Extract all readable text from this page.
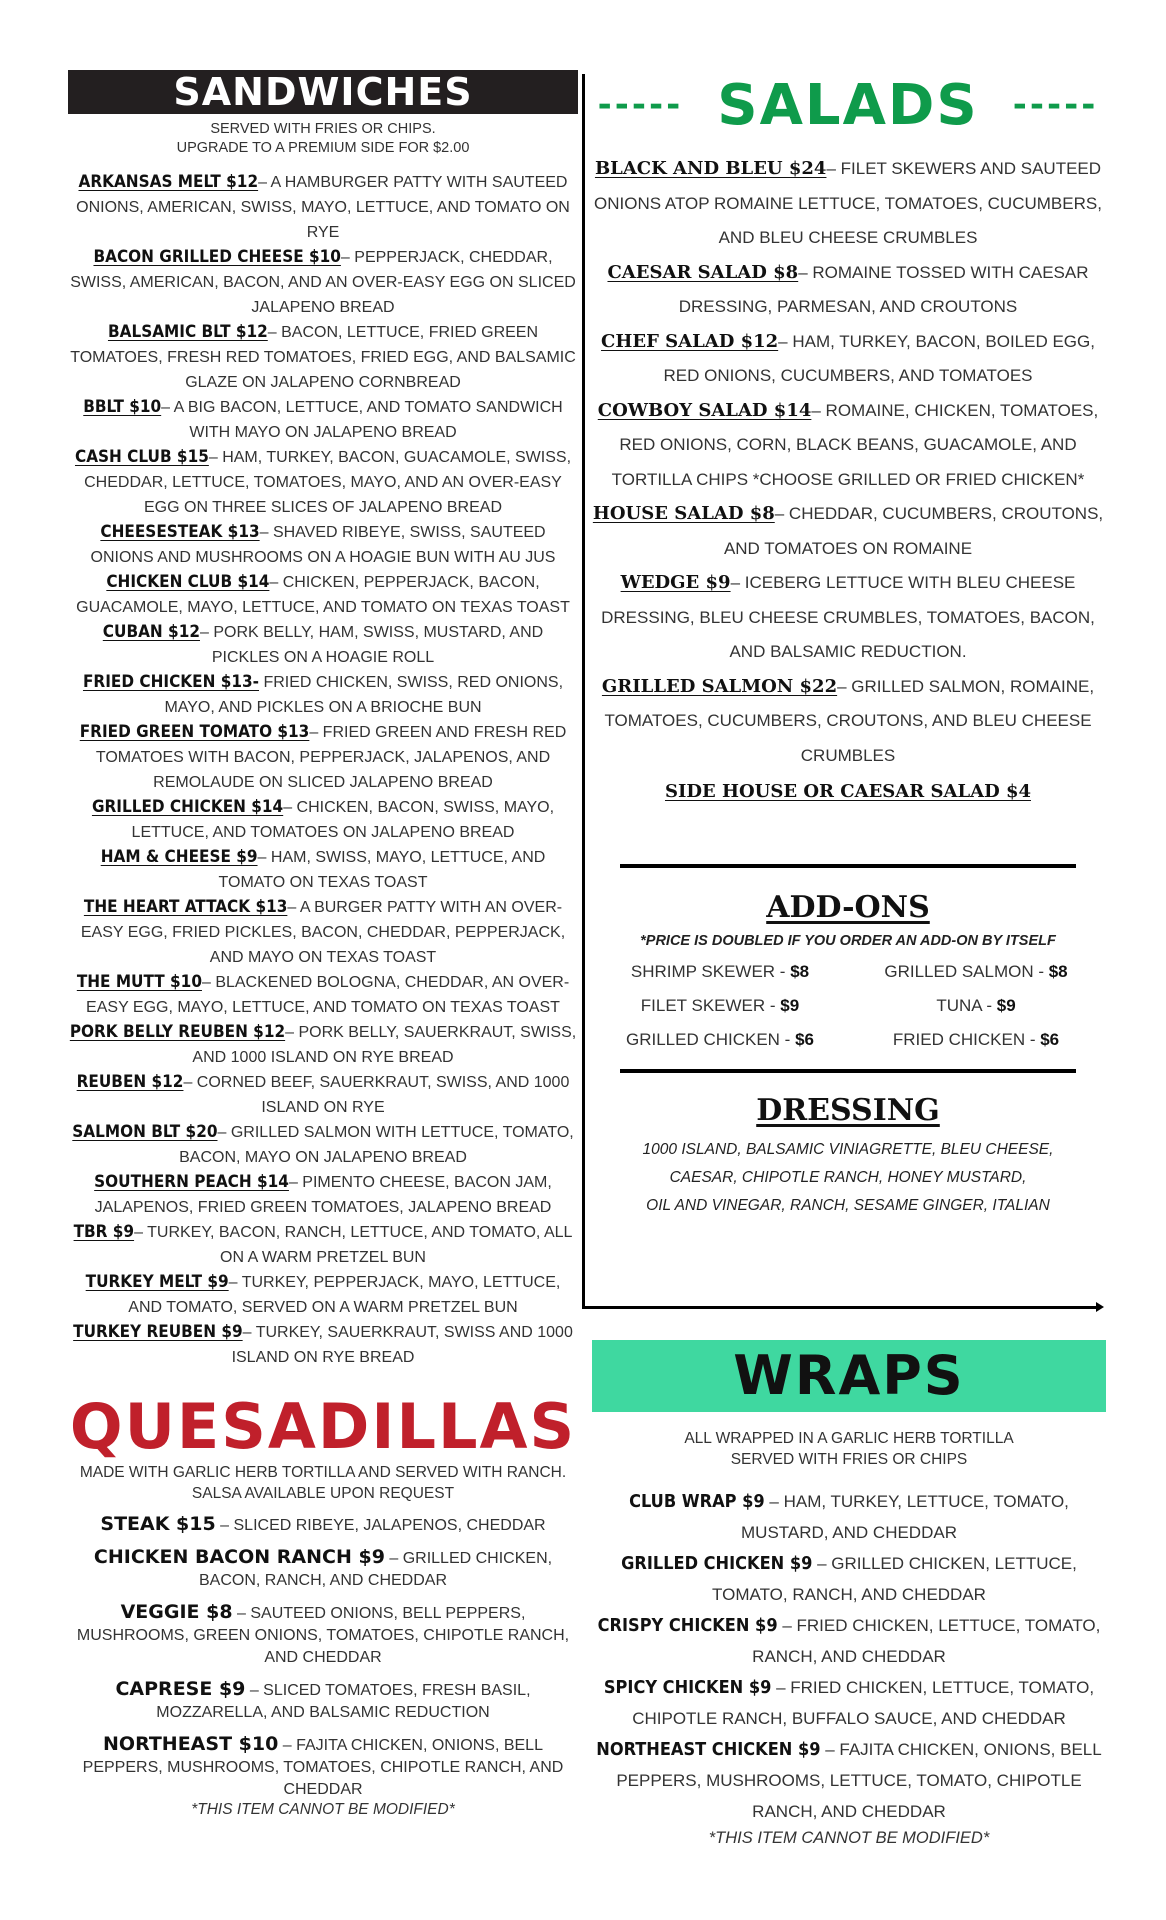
SANDWICHES
SERVED WITH FRIES OR CHIPS.
UPGRADE TO A PREMIUM SIDE FOR $2.00
ARKANSAS MELT $12– A HAMBURGER PATTY WITH SAUTEED ONIONS, AMERICAN, SWISS, MAYO, LETTUCE, AND TOMATO ON RYE
BACON GRILLED CHEESE $10– PEPPERJACK, CHEDDAR, SWISS, AMERICAN, BACON, AND AN OVER-EASY EGG ON SLICED JALAPENO BREAD
BALSAMIC BLT $12– BACON, LETTUCE, FRIED GREEN TOMATOES, FRESH RED TOMATOES, FRIED EGG, AND BALSAMIC GLAZE ON JALAPENO CORNBREAD
BBLT $10– A BIG BACON, LETTUCE, AND TOMATO SANDWICH WITH MAYO ON JALAPENO BREAD
CASH CLUB $15– HAM, TURKEY, BACON, GUACAMOLE, SWISS, CHEDDAR, LETTUCE, TOMATOES, MAYO, AND AN OVER-EASY EGG ON THREE SLICES OF JALAPENO BREAD
CHEESESTEAK $13– SHAVED RIBEYE, SWISS, SAUTEED ONIONS AND MUSHROOMS ON A HOAGIE BUN WITH AU JUS
CHICKEN CLUB $14– CHICKEN, PEPPERJACK, BACON, GUACAMOLE, MAYO, LETTUCE, AND TOMATO ON TEXAS TOAST
CUBAN $12– PORK BELLY, HAM, SWISS, MUSTARD, AND PICKLES ON A HOAGIE ROLL
FRIED CHICKEN $13- FRIED CHICKEN, SWISS, RED ONIONS, MAYO, AND PICKLES ON A BRIOCHE BUN
FRIED GREEN TOMATO $13– FRIED GREEN AND FRESH RED TOMATOES WITH BACON, PEPPERJACK, JALAPENOS, AND REMOLAUDE ON SLICED JALAPENO BREAD
GRILLED CHICKEN $14– CHICKEN, BACON, SWISS, MAYO, LETTUCE, AND TOMATOES ON JALAPENO BREAD
HAM & CHEESE $9– HAM, SWISS, MAYO, LETTUCE, AND TOMATO ON TEXAS TOAST
THE HEART ATTACK $13– A BURGER PATTY WITH AN OVER-EASY EGG, FRIED PICKLES, BACON, CHEDDAR, PEPPERJACK, AND MAYO ON TEXAS TOAST
THE MUTT $10– BLACKENED BOLOGNA, CHEDDAR, AN OVER-EASY EGG, MAYO, LETTUCE, AND TOMATO ON TEXAS TOAST
PORK BELLY REUBEN $12– PORK BELLY, SAUERKRAUT, SWISS, AND 1000 ISLAND ON RYE BREAD
REUBEN $12– CORNED BEEF, SAUERKRAUT, SWISS, AND 1000 ISLAND ON RYE
SALMON BLT $20– GRILLED SALMON WITH LETTUCE, TOMATO, BACON, MAYO ON JALAPENO BREAD
SOUTHERN PEACH $14– PIMENTO CHEESE, BACON JAM, JALAPENOS, FRIED GREEN TOMATOES, JALAPENO BREAD
TBR $9– TURKEY, BACON, RANCH, LETTUCE, AND TOMATO, ALL ON A WARM PRETZEL BUN
TURKEY MELT $9– TURKEY, PEPPERJACK, MAYO, LETTUCE, AND TOMATO, SERVED ON A WARM PRETZEL BUN
TURKEY REUBEN $9– TURKEY, SAUERKRAUT, SWISS AND 1000 ISLAND ON RYE BREAD
QUESADILLAS
MADE WITH GARLIC HERB TORTILLA AND SERVED WITH RANCH.
SALSA AVAILABLE UPON REQUEST
STEAK $15 – SLICED RIBEYE, JALAPENOS, CHEDDAR
CHICKEN BACON RANCH $9 – GRILLED CHICKEN, BACON, RANCH, AND CHEDDAR
VEGGIE $8 – SAUTEED ONIONS, BELL PEPPERS, MUSHROOMS, GREEN ONIONS, TOMATOES, CHIPOTLE RANCH, AND CHEDDAR
CAPRESE $9 – SLICED TOMATOES, FRESH BASIL, MOZZARELLA, AND BALSAMIC REDUCTION
NORTHEAST $10 – FAJITA CHICKEN, ONIONS, BELL PEPPERS, MUSHROOMS, TOMATOES, CHIPOTLE RANCH, AND CHEDDAR
*THIS ITEM CANNOT BE MODIFIED*
----- SALADS -----
BLACK AND BLEU $24– FILET SKEWERS AND SAUTEED ONIONS ATOP ROMAINE LETTUCE, TOMATOES, CUCUMBERS, AND BLEU CHEESE CRUMBLES
CAESAR SALAD $8– ROMAINE TOSSED WITH CAESAR DRESSING, PARMESAN, AND CROUTONS
CHEF SALAD $12– HAM, TURKEY, BACON, BOILED EGG, RED ONIONS, CUCUMBERS, AND TOMATOES
COWBOY SALAD $14– ROMAINE, CHICKEN, TOMATOES, RED ONIONS, CORN, BLACK BEANS, GUACAMOLE, AND TORTILLA CHIPS *CHOOSE GRILLED OR FRIED CHICKEN*
HOUSE SALAD $8– CHEDDAR, CUCUMBERS, CROUTONS, AND TOMATOES ON ROMAINE
WEDGE $9– ICEBERG LETTUCE WITH BLEU CHEESE DRESSING, BLEU CHEESE CRUMBLES, TOMATOES, BACON, AND BALSAMIC REDUCTION.
GRILLED SALMON $22– GRILLED SALMON, ROMAINE, TOMATOES, CUCUMBERS, CROUTONS, AND BLEU CHEESE CRUMBLES
SIDE HOUSE OR CAESAR SALAD $4
ADD-ONS
*PRICE IS DOUBLED IF YOU ORDER AN ADD-ON BY ITSELF
SHRIMP SKEWER - $8	GRILLED SALMON - $8
FILET SKEWER - $9	TUNA - $9
GRILLED CHICKEN - $6	FRIED CHICKEN - $6
DRESSING
1000 ISLAND, BALSAMIC VINIAGRETTE, BLEU CHEESE,
CAESAR, CHIPOTLE RANCH, HONEY MUSTARD,
OIL AND VINEGAR, RANCH, SESAME GINGER, ITALIAN
WRAPS
ALL WRAPPED IN A GARLIC HERB TORTILLA
SERVED WITH FRIES OR CHIPS
CLUB WRAP $9 – HAM, TURKEY, LETTUCE, TOMATO, MUSTARD, AND CHEDDAR
GRILLED CHICKEN $9 – GRILLED CHICKEN, LETTUCE, TOMATO, RANCH, AND CHEDDAR
CRISPY CHICKEN $9 – FRIED CHICKEN, LETTUCE, TOMATO, RANCH, AND CHEDDAR
SPICY CHICKEN $9 – FRIED CHICKEN, LETTUCE, TOMATO, CHIPOTLE RANCH, BUFFALO SAUCE, AND CHEDDAR
NORTHEAST CHICKEN $9 – FAJITA CHICKEN, ONIONS, BELL PEPPERS, MUSHROOMS, LETTUCE, TOMATO, CHIPOTLE RANCH, AND CHEDDAR
*THIS ITEM CANNOT BE MODIFIED*
